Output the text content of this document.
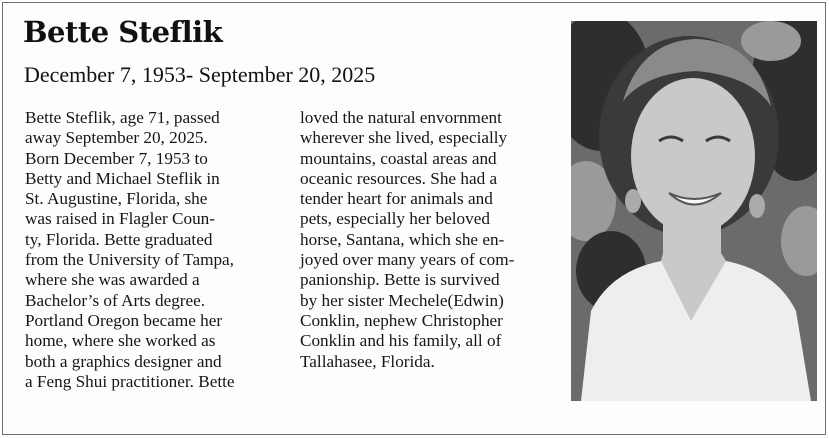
Bette Steflik
December 7, 1953- September 20, 2025
Bette Steflik, age 71, passed
away September 20, 2025.
Born December 7, 1953 to
Betty and Michael Steflik in
St. Augustine, Florida, she
was raised in Flagler Coun-
ty, Florida. Bette graduated
from the University of Tampa,
where she was awarded a
Bachelor’s of Arts degree.
Portland Oregon became her
home, where she worked as
both a graphics designer and
a Feng Shui practitioner. Bette
loved the natural envornment
wherever she lived, especially
mountains, coastal areas and
oceanic resources. She had a
tender heart for animals and
pets, especially her beloved
horse, Santana, which she en-
joyed over many years of com-
panionship. Bette is survived
by her sister Mechele(Edwin)
Conklin, nephew Christopher
Conklin and his family, all of
Tallahasee, Florida.
